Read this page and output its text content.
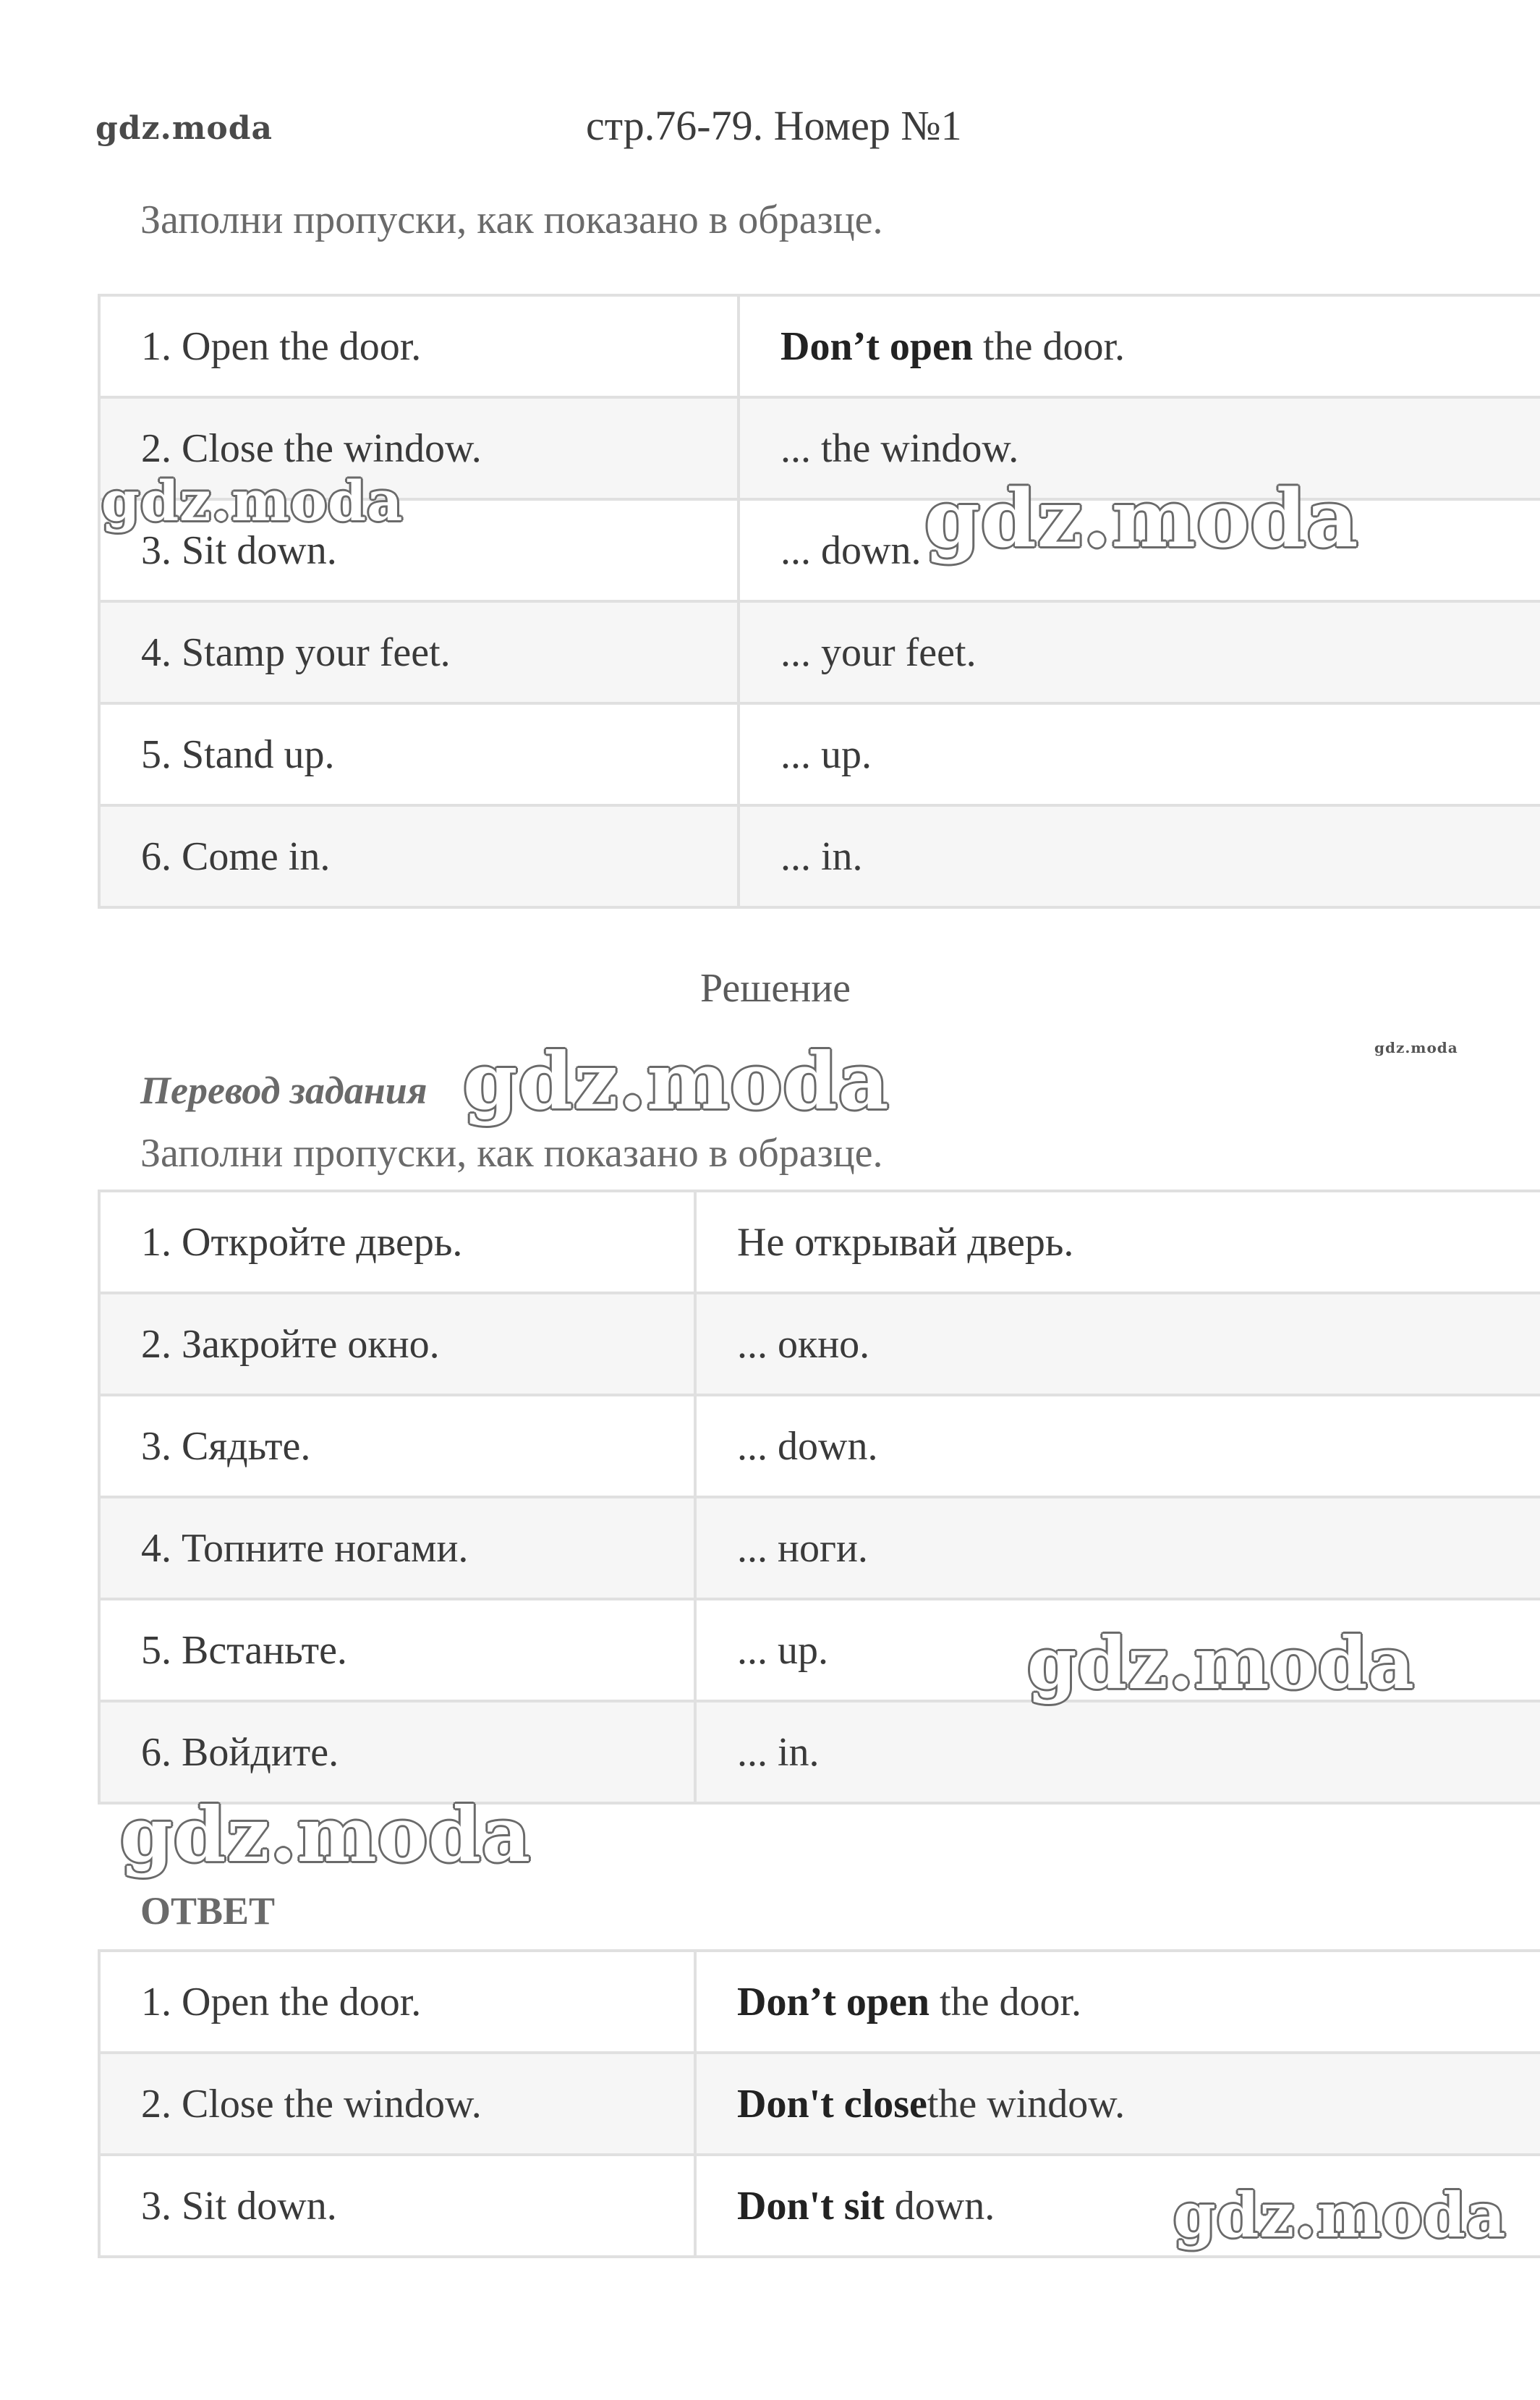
gdz.moda	стр.76-79. Номер №1
Заполни пропуски, как показано в образце.
1. Open the door.	Don’t open the door.
2. Close the window.	... the window.
3. Sit down.	... down.
4. Stamp your feet.	... your feet.
5. Stand up.	... up.
6. Come in.	... in.
Решение
gdz.moda
Перевод задания
Заполни пропуски, как показано в образце.
1. Откройте дверь.	Не открывай дверь.
2. Закройте окно.	... окно.
3. Сядьте.	... down.
4. Топните ногами.	... ноги.
5. Встаньте.	... up.
6. Войдите.	... in.
ОТВЕТ
1. Open the door.	Don’t open the door.
2. Close the window.	Don't closethe window.
3. Sit down.	Don't sit down.
gdz.moda	gdz.moda
gdz.moda
gdz.moda
gdz.moda
gdz.moda
